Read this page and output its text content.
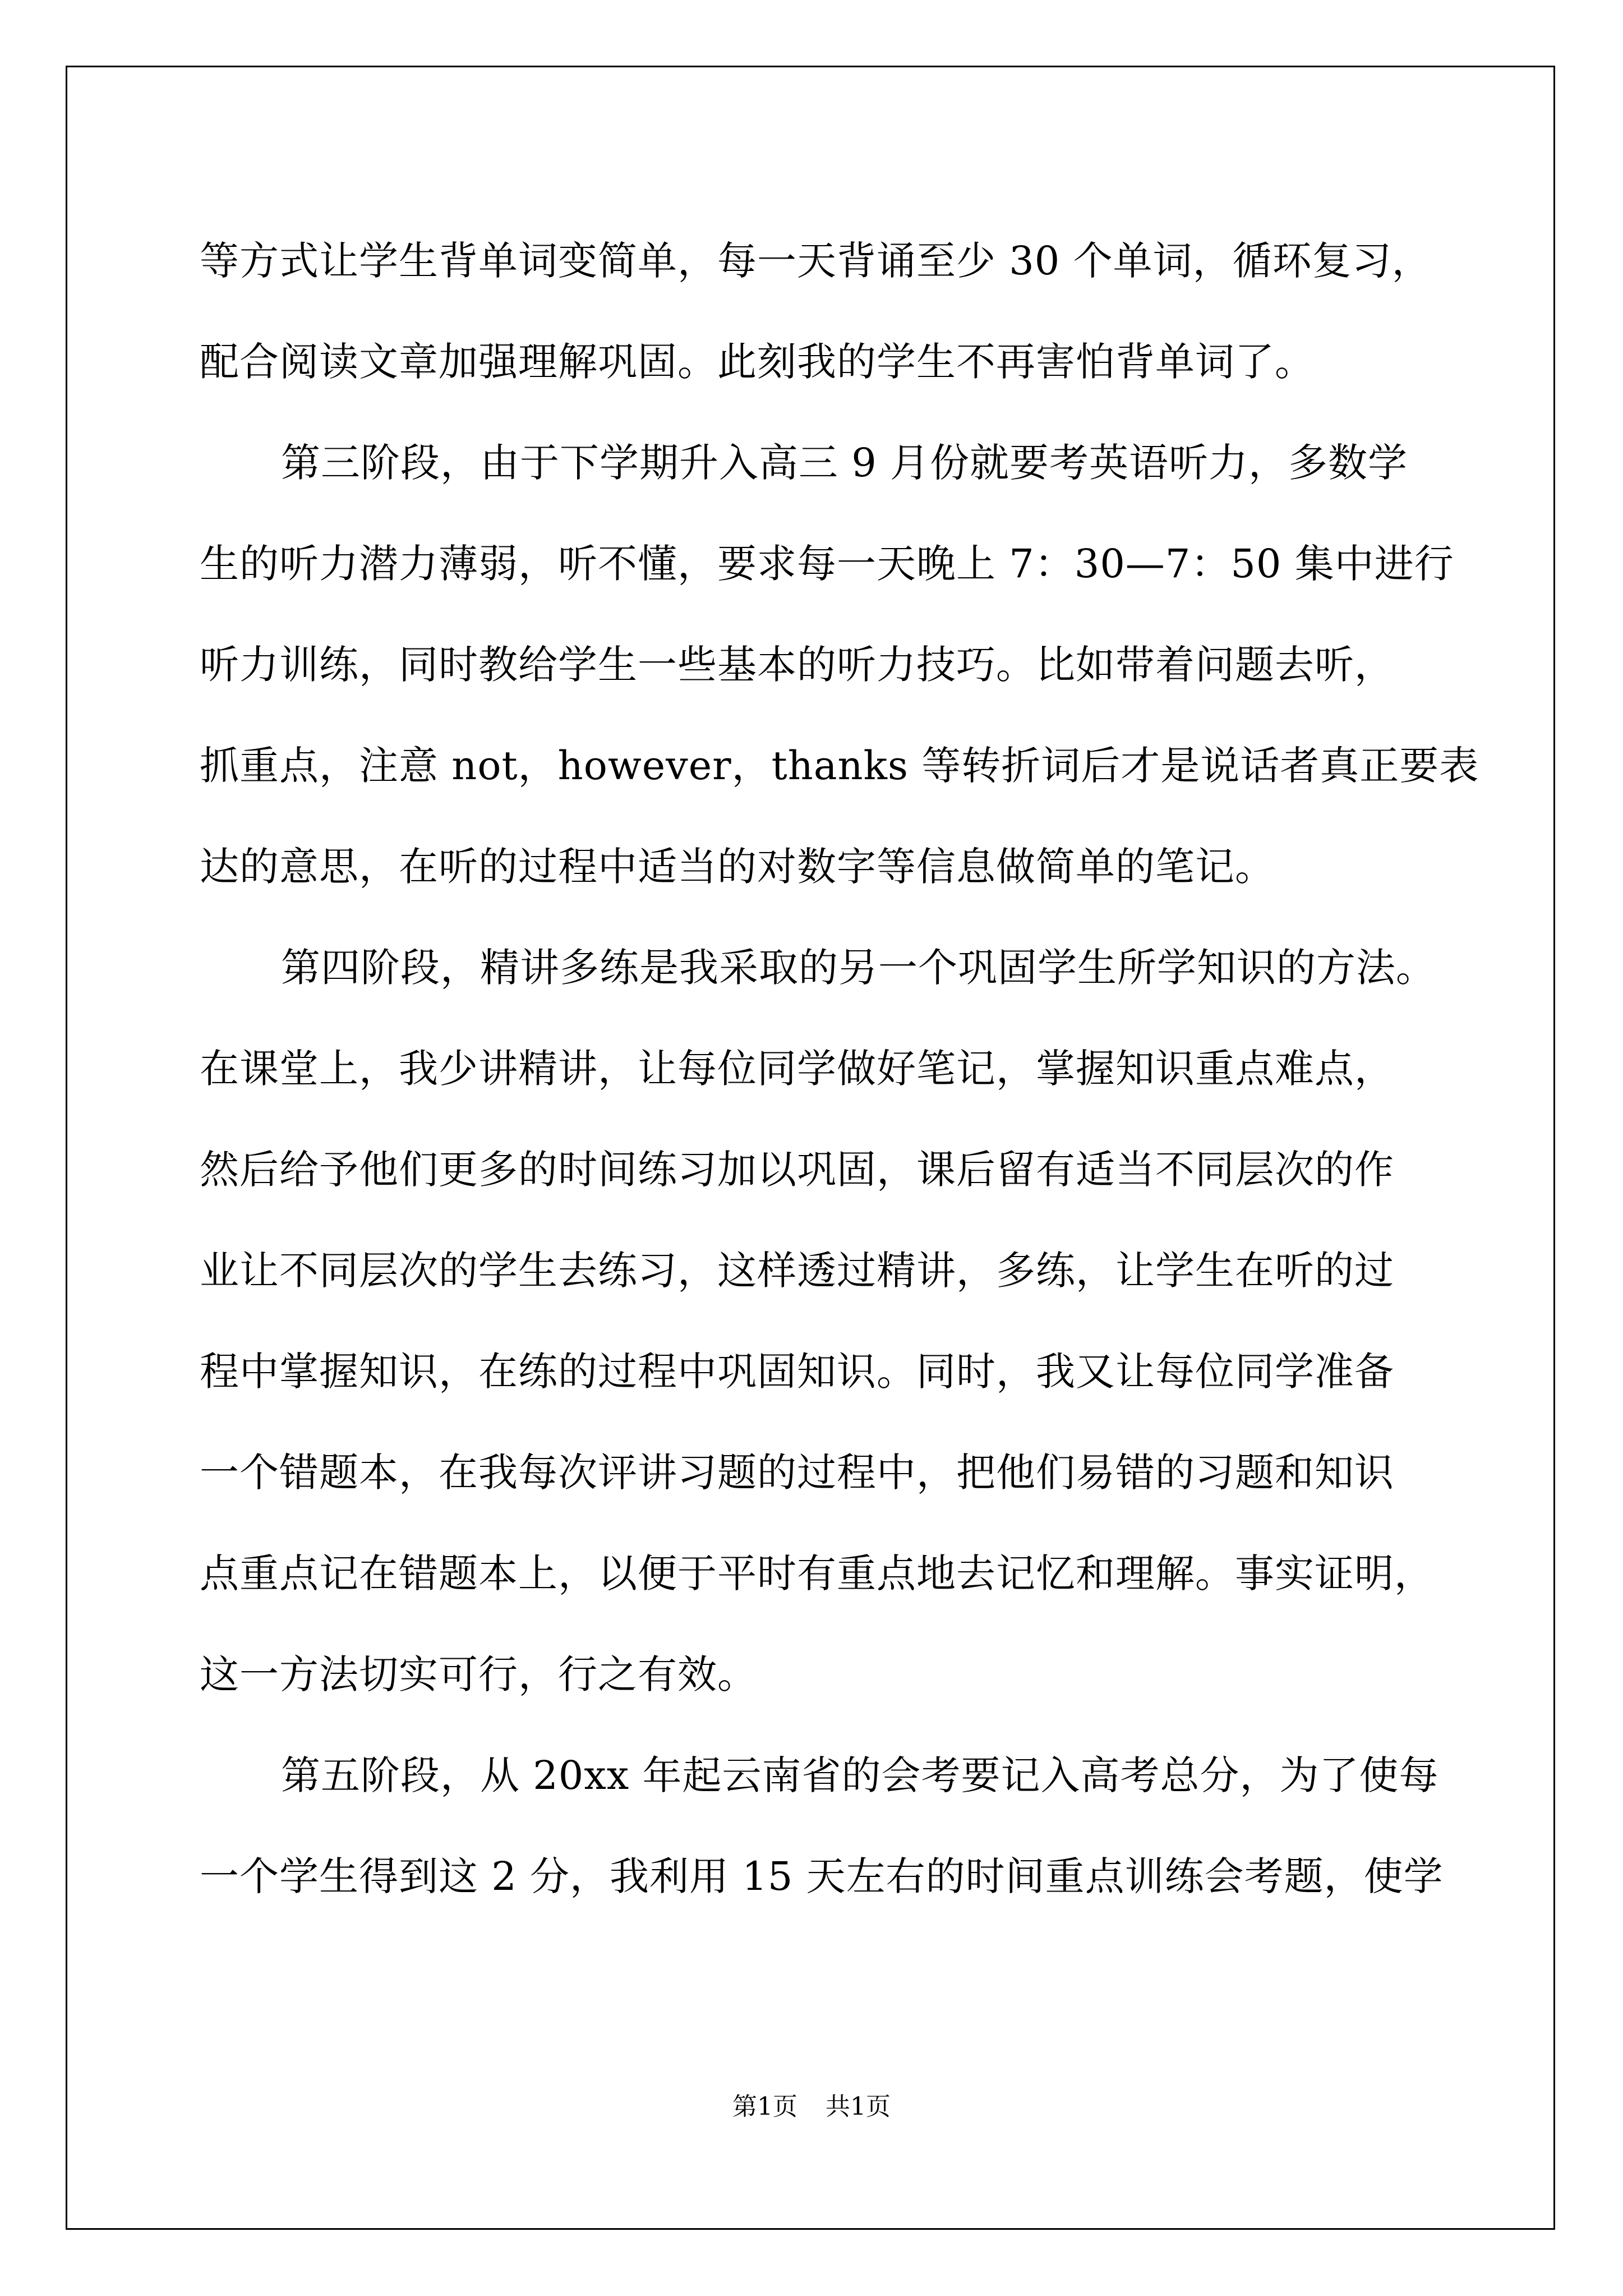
等方式让学生背单词变简单，每一天背诵至少 30 个单词，循环复习，
配合阅读文章加强理解巩固。此刻我的学生不再害怕背单词了。
第三阶段，由于下学期升入高三 9 月份就要考英语听力，多数学
生的听力潜力薄弱，听不懂，要求每一天晚上 7：30—7：50 集中进行
听力训练，同时教给学生一些基本的听力技巧。比如带着问题去听，
抓重点，注意 not，however，thanks 等转折词后才是说话者真正要表
达的意思，在听的过程中适当的对数字等信息做简单的笔记。
第四阶段，精讲多练是我采取的另一个巩固学生所学知识的方法。
在课堂上，我少讲精讲，让每位同学做好笔记，掌握知识重点难点，
然后给予他们更多的时间练习加以巩固，课后留有适当不同层次的作
业让不同层次的学生去练习，这样透过精讲，多练，让学生在听的过
程中掌握知识，在练的过程中巩固知识。同时，我又让每位同学准备
一个错题本，在我每次评讲习题的过程中，把他们易错的习题和知识
点重点记在错题本上，以便于平时有重点地去记忆和理解。事实证明，
这一方法切实可行，行之有效。
第五阶段，从 20xx 年起云南省的会考要记入高考总分，为了使每
一个学生得到这 2 分，我利用 15 天左右的时间重点训练会考题，使学
第1页 共1页
